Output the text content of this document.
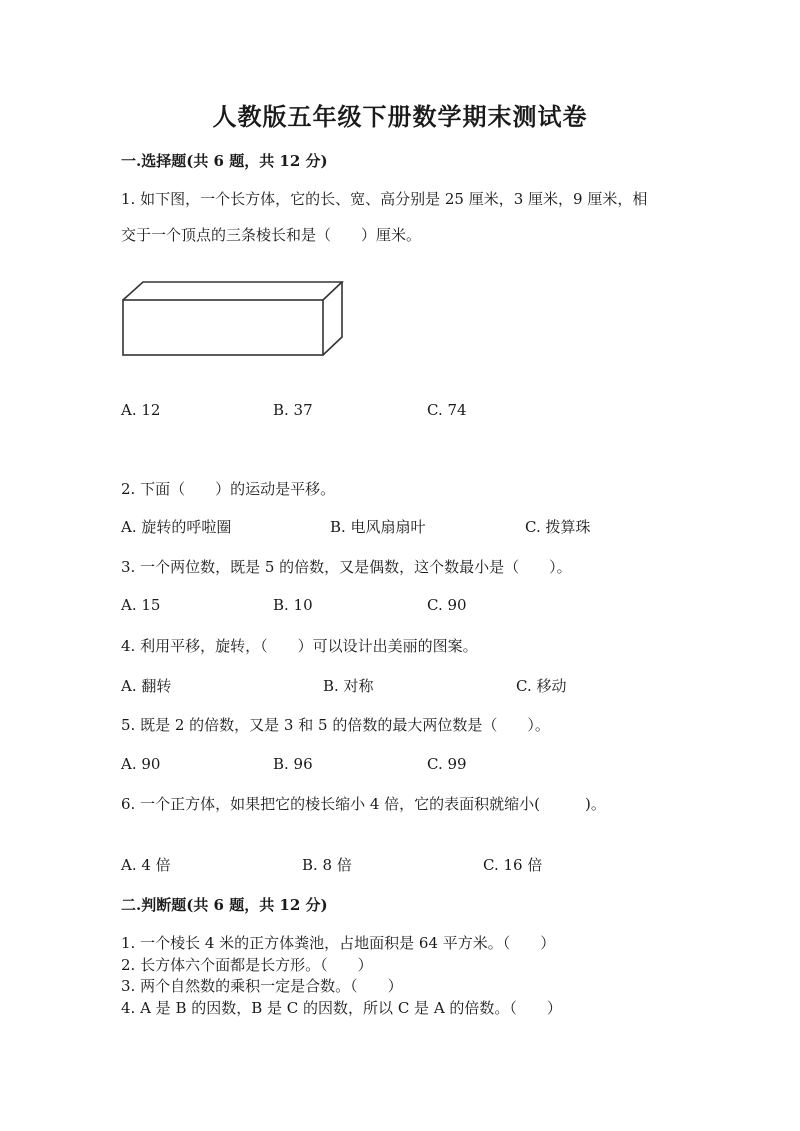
人教版五年级下册数学期末测试卷
一.选择题(共 6 题，共 12 分)
1. 如下图，一个长方体，它的长、宽、高分别是 25 厘米，3 厘米，9 厘米，相
交于一个顶点的三条棱长和是（　　）厘米。
A. 12	B. 37	C. 74
2. 下面（　　）的运动是平移。
A. 旋转的呼啦圈	B. 电风扇扇叶	C. 拨算珠
3. 一个两位数，既是 5 的倍数，又是偶数，这个数最小是（　　）。
A. 15	B. 10	C. 90
4. 利用平移，旋转，（　　）可以设计出美丽的图案。
A. 翻转	B. 对称	C. 移动
5. 既是 2 的倍数，又是 3 和 5 的倍数的最大两位数是（　　）。
A. 90	B. 96	C. 99
6. 一个正方体，如果把它的棱长缩小 4 倍，它的表面积就缩小(　　　)。
A. 4 倍	B. 8 倍	C. 16 倍
二.判断题(共 6 题，共 12 分)
1. 一个棱长 4 米的正方体粪池，占地面积是 64 平方米。（　　）
2. 长方体六个面都是长方形。（　　）
3. 两个自然数的乘积一定是合数。（　　）
4. A 是 B 的因数，B 是 C 的因数，所以 C 是 A 的倍数。（　　）
